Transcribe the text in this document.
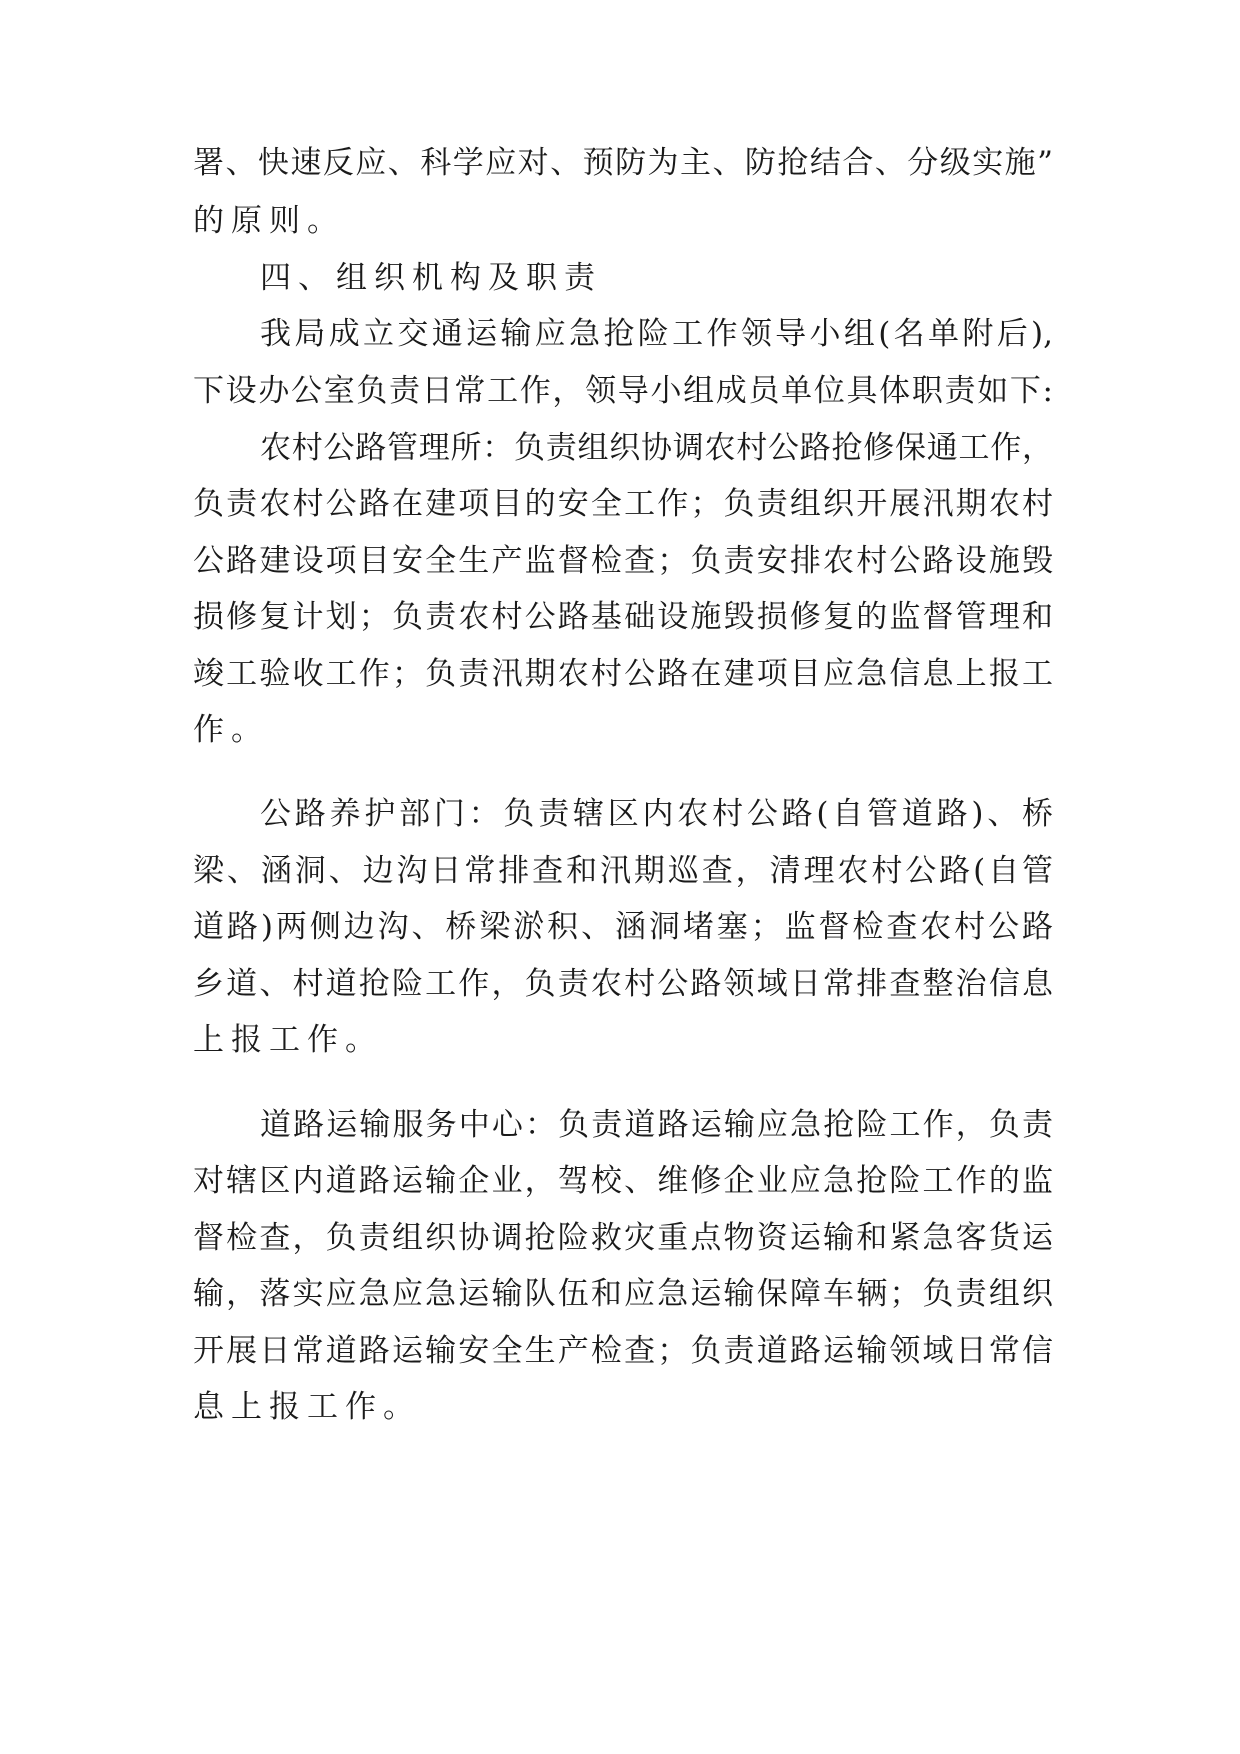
署、快速反应、科学应对、预防为主、防抢结合、分级实施”

的原则。

四、组织机构及职责

我局成立交通运输应急抢险工作领导小组(名单附后),

下设办公室负责日常工作，领导小组成员单位具体职责如下:

农村公路管理所：负责组织协调农村公路抢修保通工作，

负责农村公路在建项目的安全工作；负责组织开展汛期农村

公路建设项目安全生产监督检查；负责安排农村公路设施毁

损修复计划；负责农村公路基础设施毁损修复的监督管理和

竣工验收工作；负责汛期农村公路在建项目应急信息上报工

作。

公路养护部门：负责辖区内农村公路(自管道路)、桥

梁、涵洞、边沟日常排查和汛期巡查，清理农村公路(自管

道路)两侧边沟、桥梁淤积、涵洞堵塞；监督检查农村公路

乡道、村道抢险工作，负责农村公路领域日常排查整治信息

上报工作。

道路运输服务中心：负责道路运输应急抢险工作，负责

对辖区内道路运输企业，驾校、维修企业应急抢险工作的监

督检查，负责组织协调抢险救灾重点物资运输和紧急客货运

输，落实应急应急运输队伍和应急运输保障车辆；负责组织

开展日常道路运输安全生产检查；负责道路运输领域日常信

息上报工作。
